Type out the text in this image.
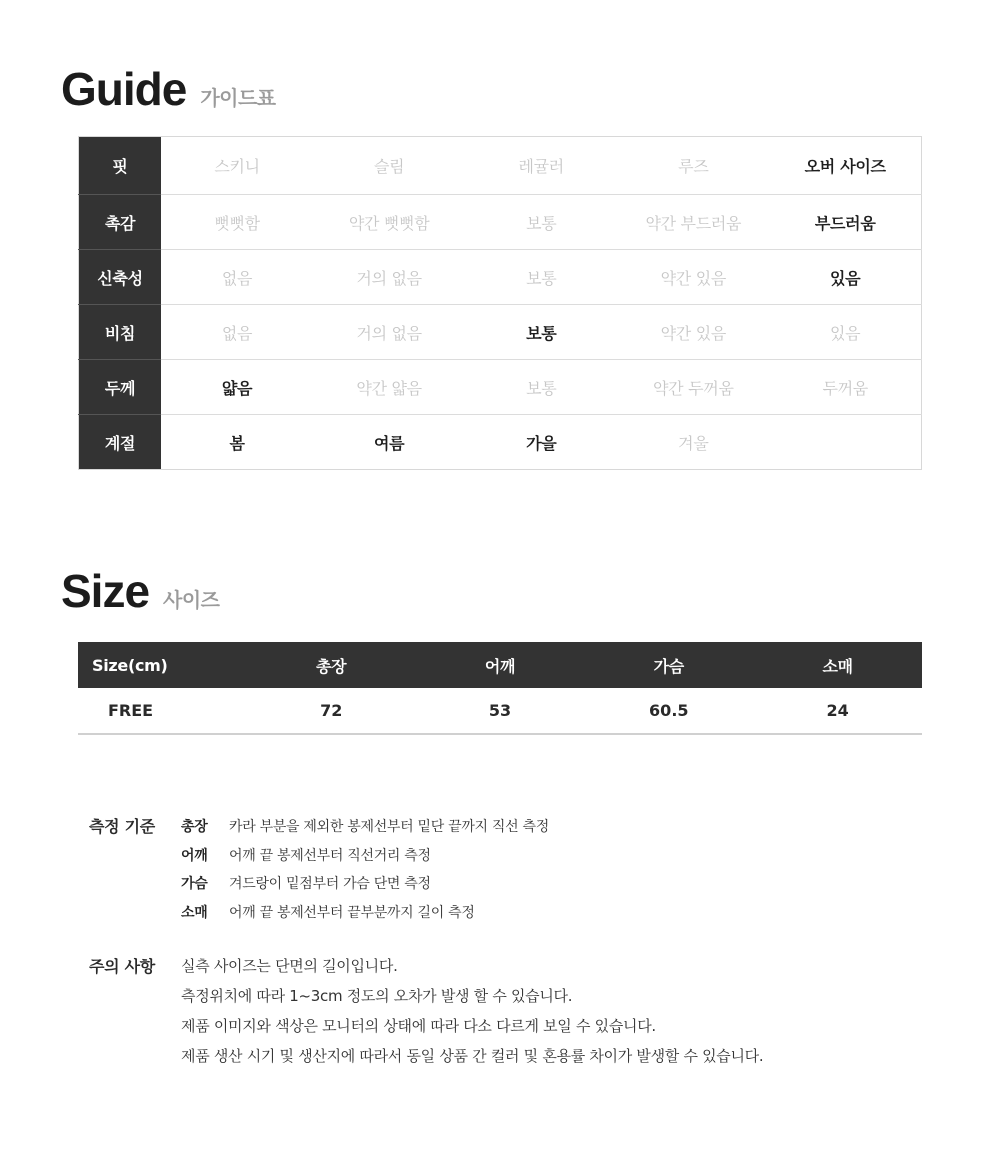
Guide 가이드표
핏	스키니	슬림	레귤러	루즈	오버 사이즈
촉감	뻣뻣함	약간 뻣뻣함	보통	약간 부드러움	부드러움
신축성	없음	거의 없음	보통	약간 있음	있음
비침	없음	거의 없음	보통	약간 있음	있음
두께	얇음	약간 얇음	보통	약간 두꺼움	두꺼움
계절	봄	여름	가을	겨울	
Size 사이즈
Size(cm)	총장	어깨	가슴	소매
FREE	72	53	60.5	24
측정 기준 총장	카라 부분을 제외한 봉제선부터 밑단 끝까지 직선 측정
어깨	어깨 끝 봉제선부터 직선거리 측정
가슴	겨드랑이 밑점부터 가슴 단면 측정
소매	어깨 끝 봉제선부터 끝부분까지 길이 측정
주의 사항 실측 사이즈는 단면의 길이입니다.
측정위치에 따라 1~3cm 정도의 오차가 발생 할 수 있습니다.
제품 이미지와 색상은 모니터의 상태에 따라 다소 다르게 보일 수 있습니다.
제품 생산 시기 및 생산지에 따라서 동일 상품 간 컬러 및 혼용률 차이가 발생할 수 있습니다.
